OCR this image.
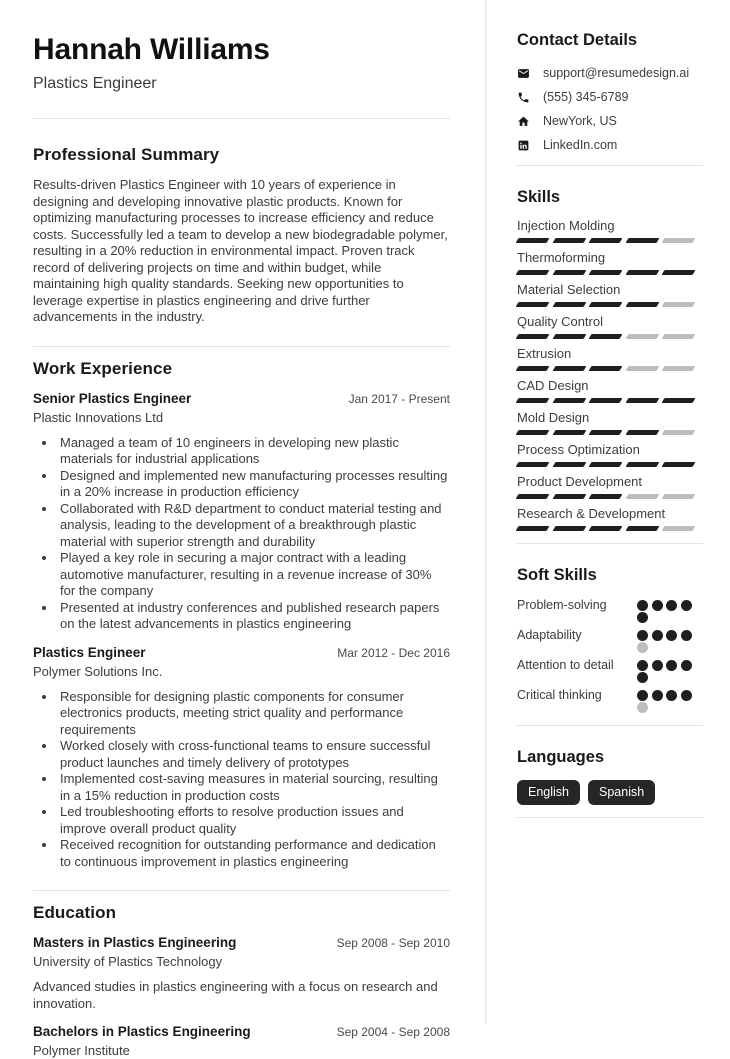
Hannah Williams
Plastics Engineer
Professional Summary

Results-driven Plastics Engineer with 10 years of experience in designing and developing innovative plastic products. Known for optimizing manufacturing processes to increase efficiency and reduce costs. Successfully led a team to develop a new biodegradable polymer, resulting in a 20% reduction in environmental impact. Proven track record of delivering projects on time and within budget, while maintaining high quality standards. Seeking new opportunities to leverage expertise in plastics engineering and drive further advancements in the industry.

Work Experience
Senior Plastics Engineer	Jan 2017 - Present
Plastic Innovations Ltd
• Managed a team of 10 engineers in developing new plastic materials for industrial applications
• Designed and implemented new manufacturing processes resulting in a 20% increase in production efficiency
• Collaborated with R&D department to conduct material testing and analysis, leading to the development of a breakthrough plastic material with superior strength and durability
• Played a key role in securing a major contract with a leading automotive manufacturer, resulting in a revenue increase of 30% for the company
• Presented at industry conferences and published research papers on the latest advancements in plastics engineering
Plastics Engineer	Mar 2012 - Dec 2016
Polymer Solutions Inc.
• Responsible for designing plastic components for consumer electronics products, meeting strict quality and performance requirements
• Worked closely with cross-functional teams to ensure successful product launches and timely delivery of prototypes
• Implemented cost-saving measures in material sourcing, resulting in a 15% reduction in production costs
• Led troubleshooting efforts to resolve production issues and improve overall product quality
• Received recognition for outstanding performance and dedication to continuous improvement in plastics engineering
Education
Masters in Plastics Engineering	Sep 2008 - Sep 2010
University of Plastics Technology

Advanced studies in plastics engineering with a focus on research and innovation.

Bachelors in Plastics Engineering	Sep 2004 - Sep 2008
Polymer Institute
Contact Details
support@resumedesign.ai
(555) 345-6789
NewYork, US
LinkedIn.com
Skills
Injection Molding
Thermoforming
Material Selection
Quality Control
Extrusion
CAD Design
Mold Design
Process Optimization
Product Development
Research & Development
Soft Skills
Problem-solving
Adaptability
Attention to detail
Critical thinking
Languages
English	Spanish
